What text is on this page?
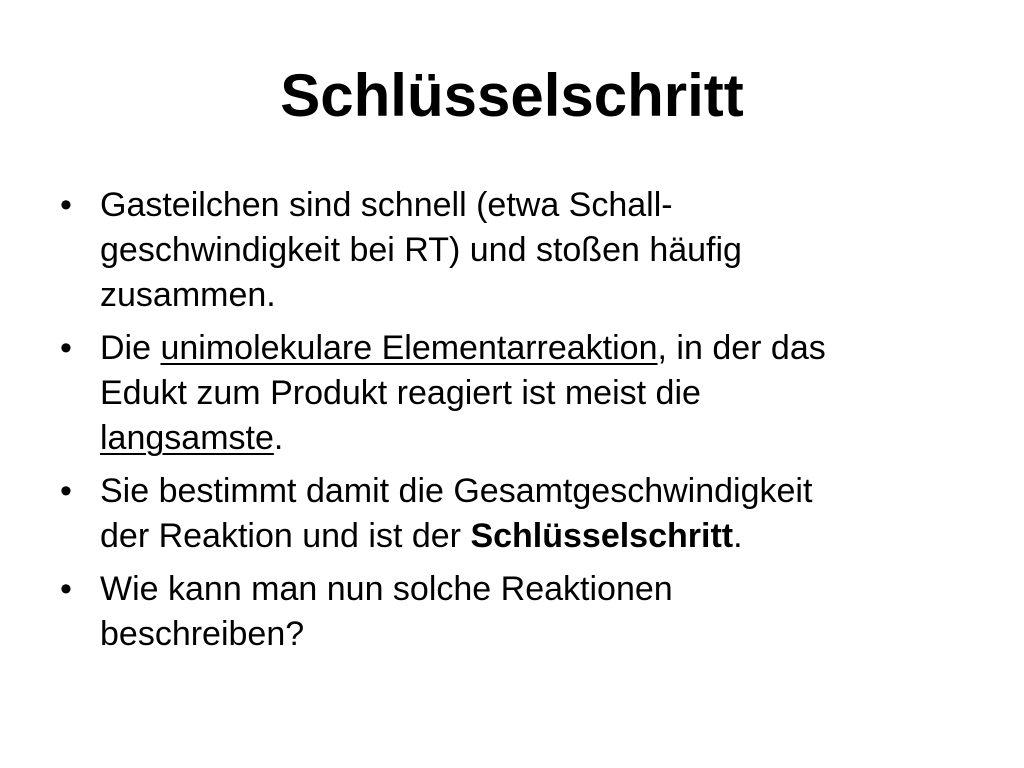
Schlüsselschritt
• Gasteilchen sind schnell (etwa Schall-
geschwindigkeit bei RT) und stoßen häufig
zusammen.
• Die unimolekulare Elementarreaktion, in der das
Edukt zum Produkt reagiert ist meist die
langsamste.
• Sie bestimmt damit die Gesamtgeschwindigkeit
der Reaktion und ist der Schlüsselschritt.
• Wie kann man nun solche Reaktionen
beschreiben?
